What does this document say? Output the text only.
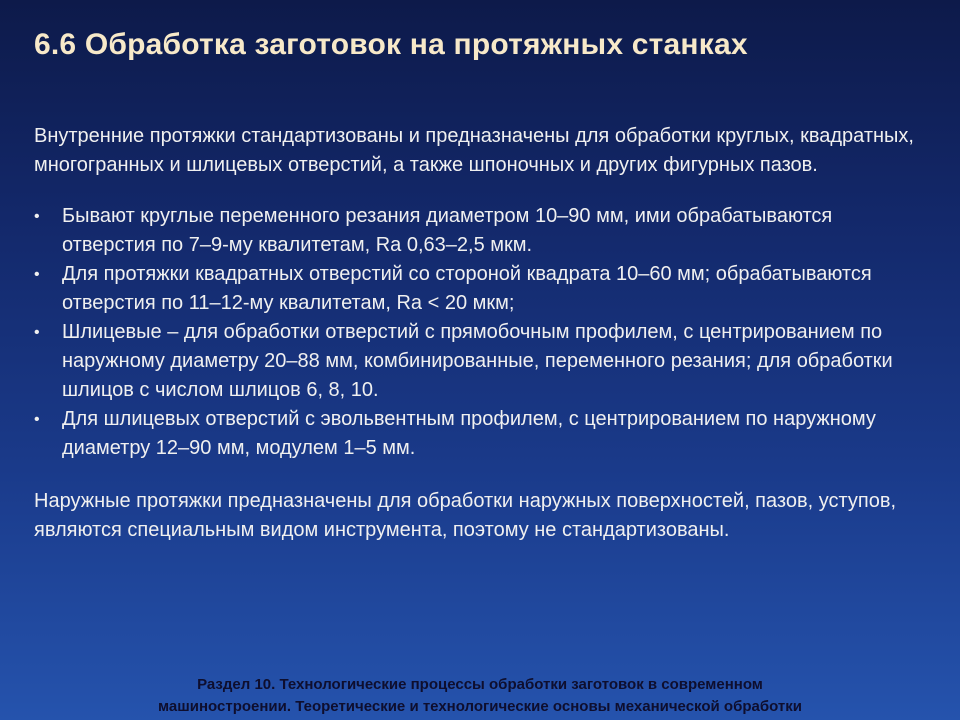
6.6 Обработка заготовок на протяжных станках

Внутренние протяжки стандартизованы и предназначены для обработки круглых, квадратных, многогранных и шлицевых отверстий, а также шпоночных и других фигурных пазов.

• Бывают круглые переменного резания диаметром 10–90 мм, ими обрабатываются отверстия по 7–9-му квалитетам, Ra 0,63–2,5 мкм.
• Для протяжки квадратных отверстий со стороной квадрата 10–60 мм; обрабатываются отверстия по 11–12-му квалитетам, Ra < 20 мкм;
• Шлицевые – для обработки отверстий с прямобочным профилем, с центрированием по наружному диаметру 20–88 мм, комбинированные, переменного резания; для обработки шлицов с числом шлицов 6, 8, 10.
• Для шлицевых отверстий с эвольвентным профилем, с центрированием по наружному диаметру 12–90 мм, модулем 1–5 мм.

Наружные протяжки предназначены для обработки наружных поверхностей, пазов, уступов, являются специальным видом инструмента, поэтому не стандартизованы.

Раздел 10. Технологические процессы обработки заготовок в современном
машиностроении. Теоретические и технологические основы механической обработки
